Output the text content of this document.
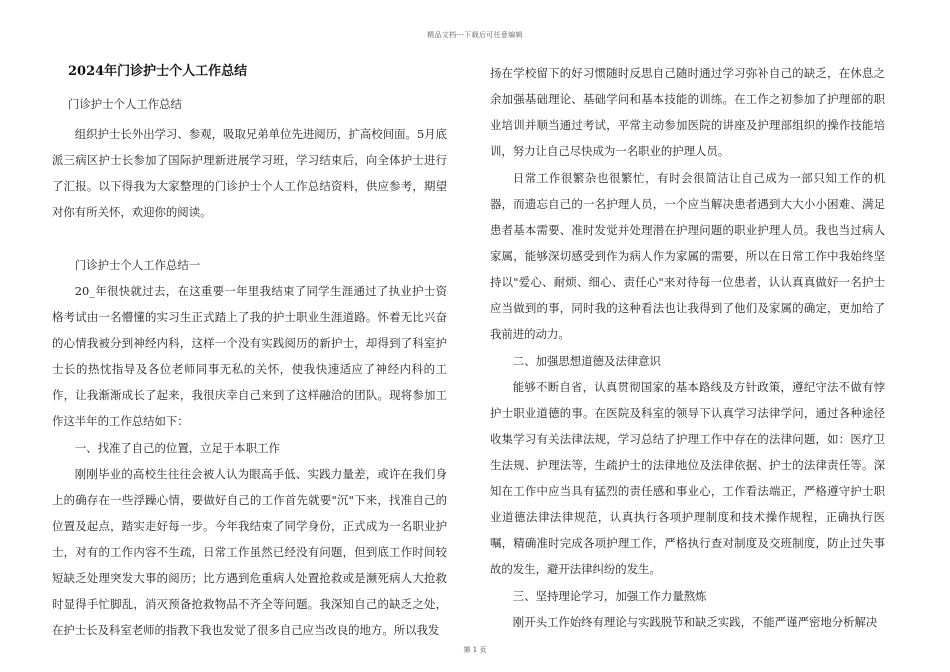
精品文档---下载后可任意编辑
2024年门诊护士个人工作总结
门诊护士个人工作总结

组织护士长外出学习、参观，吸取兄弟单位先进阅历，扩高校间面。5月底派三病区护士长参加了国际护理新进展学习班，学习结束后，向全体护士进行了汇报。以下得我为大家整理的门诊护士个人工作总结资料，供应参考，期望对你有所关怀，欢迎你的阅读。

门诊护士个人工作总结一

20_年很快就过去，在这重要一年里我结束了同学生涯通过了执业护士资格考试由一名懵懂的实习生正式踏上了我的护士职业生涯道路。怀着无比兴奋的心情我被分到神经内科，这样一个没有实践阅历的新护士，却得到了科室护士长的热忱指导及各位老师同事无私的关怀，使我快速适应了神经内科的工作，让我渐渐成长了起来，我很庆幸自己来到了这样融洽的团队。现将参加工作这半年的工作总结如下：

一、找准了自己的位置，立足于本职工作

刚刚毕业的高校生往往会被人认为眼高手低、实践力量差，或许在我们身上的确存在一些浮躁心情，要做好自己的工作首先就要"沉"下来，找准自己的位置及起点，踏实走好每一步。今年我结束了同学身份，正式成为一名职业护士，对有的工作内容不生疏，日常工作虽然已经没有问题，但到底工作时间较短缺乏处理突发大事的阅历；比方遇到危重病人处置抢救或是濒死病人大抢救时显得手忙脚乱，消灭预备抢救物品不齐全等问题。我深知自己的缺乏之处，在护士长及科室老师的指教下我也发觉了很多自己应当改良的地方。所以我发

扬在学校留下的好习惯随时反思自己随时通过学习弥补自己的缺乏，在休息之余加强基础理论、基础学问和基本技能的训练。在工作之初参加了护理部的职业培训并顺当通过考试，平常主动参加医院的讲座及护理部组织的操作技能培训，努力让自己尽快成为一名职业的护理人员。

日常工作很繁杂也很繁忙，有时会很简洁让自己成为一部只知工作的机器，而遗忘自己的一名护理人员，一个应当解决患者遇到大大小小困难、满足患者基本需要、准时发觉并处理潜在护理问题的职业护理人员。我也当过病人家属，能够深切感受到作为病人作为家属的需要，所以在日常工作中我始终坚持以"爱心、耐烦、细心、责任心"来对待每一位患者，认认真真做好一名护士应当做到的事，同时我的这种看法也让我得到了他们及家属的确定，更加给了我前进的动力。

二、加强思想道德及法律意识

能够不断自省，认真贯彻国家的基本路线及方针政策，遵纪守法不做有悖护士职业道德的事。在医院及科室的领导下认真学习法律学问，通过各种途径收集学习有关法律法规，学习总结了护理工作中存在的法律问题，如：医疗卫生法规、护理法等，生疏护士的法律地位及法律依据、护士的法律责任等。深知在工作中应当具有猛烈的责任感和事业心，工作看法端正，严格遵守护士职业道德法律法律规范，认真执行各项护理制度和技术操作规程，正确执行医嘱，精确准时完成各项护理工作，严格执行查对制度及交班制度，防止过失事故的发生，避开法律纠纷的发生。

三、坚持理论学习，加强工作力量熬炼

刚开头工作始终有理论与实践脱节和缺乏实践，不能严谨严密地分析解决

第 1 页
